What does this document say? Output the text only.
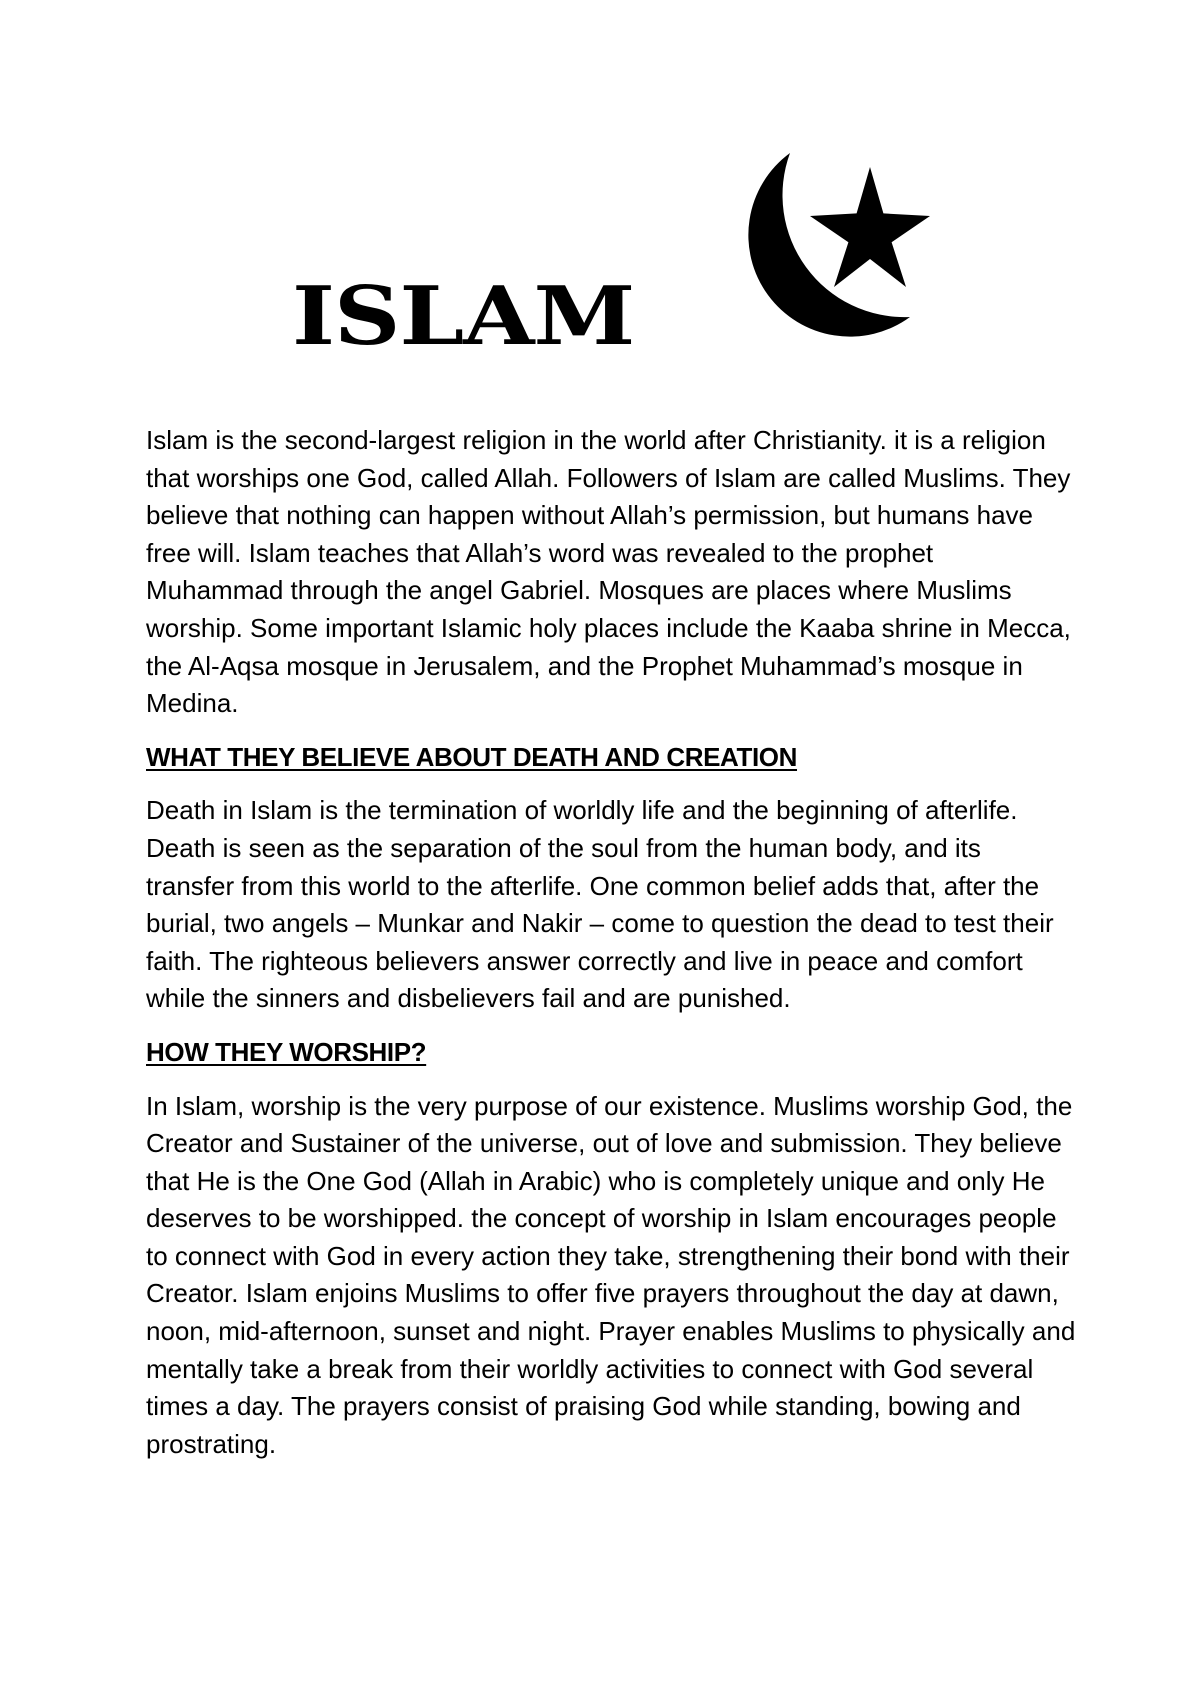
ISLAM

Islam is the second-largest religion in the world after Christianity. it is a religion that worships one God, called Allah. Followers of Islam are called Muslims. They believe that nothing can happen without Allah’s permission, but humans have free will. Islam teaches that Allah’s word was revealed to the prophet Muhammad through the angel Gabriel. Mosques are places where Muslims worship. Some important Islamic holy places include the Kaaba shrine in Mecca, the Al-Aqsa mosque in Jerusalem, and the Prophet Muhammad’s mosque in Medina.

WHAT THEY BELIEVE ABOUT DEATH AND CREATION

Death in Islam is the termination of worldly life and the beginning of afterlife. Death is seen as the separation of the soul from the human body, and its transfer from this world to the afterlife. One common belief adds that, after the burial, two angels – Munkar and Nakir – come to question the dead to test their faith. The righteous believers answer correctly and live in peace and comfort while the sinners and disbelievers fail and are punished.

HOW THEY WORSHIP?

In Islam, worship is the very purpose of our existence. Muslims worship God, the Creator and Sustainer of the universe, out of love and submission. They believe that He is the One God (Allah in Arabic) who is completely unique and only He deserves to be worshipped. the concept of worship in Islam encourages people to connect with God in every action they take, strengthening their bond with their Creator. Islam enjoins Muslims to offer five prayers throughout the day at dawn, noon, mid-afternoon, sunset and night. Prayer enables Muslims to physically and mentally take a break from their worldly activities to connect with God several times a day. The prayers consist of praising God while standing, bowing and prostrating.
